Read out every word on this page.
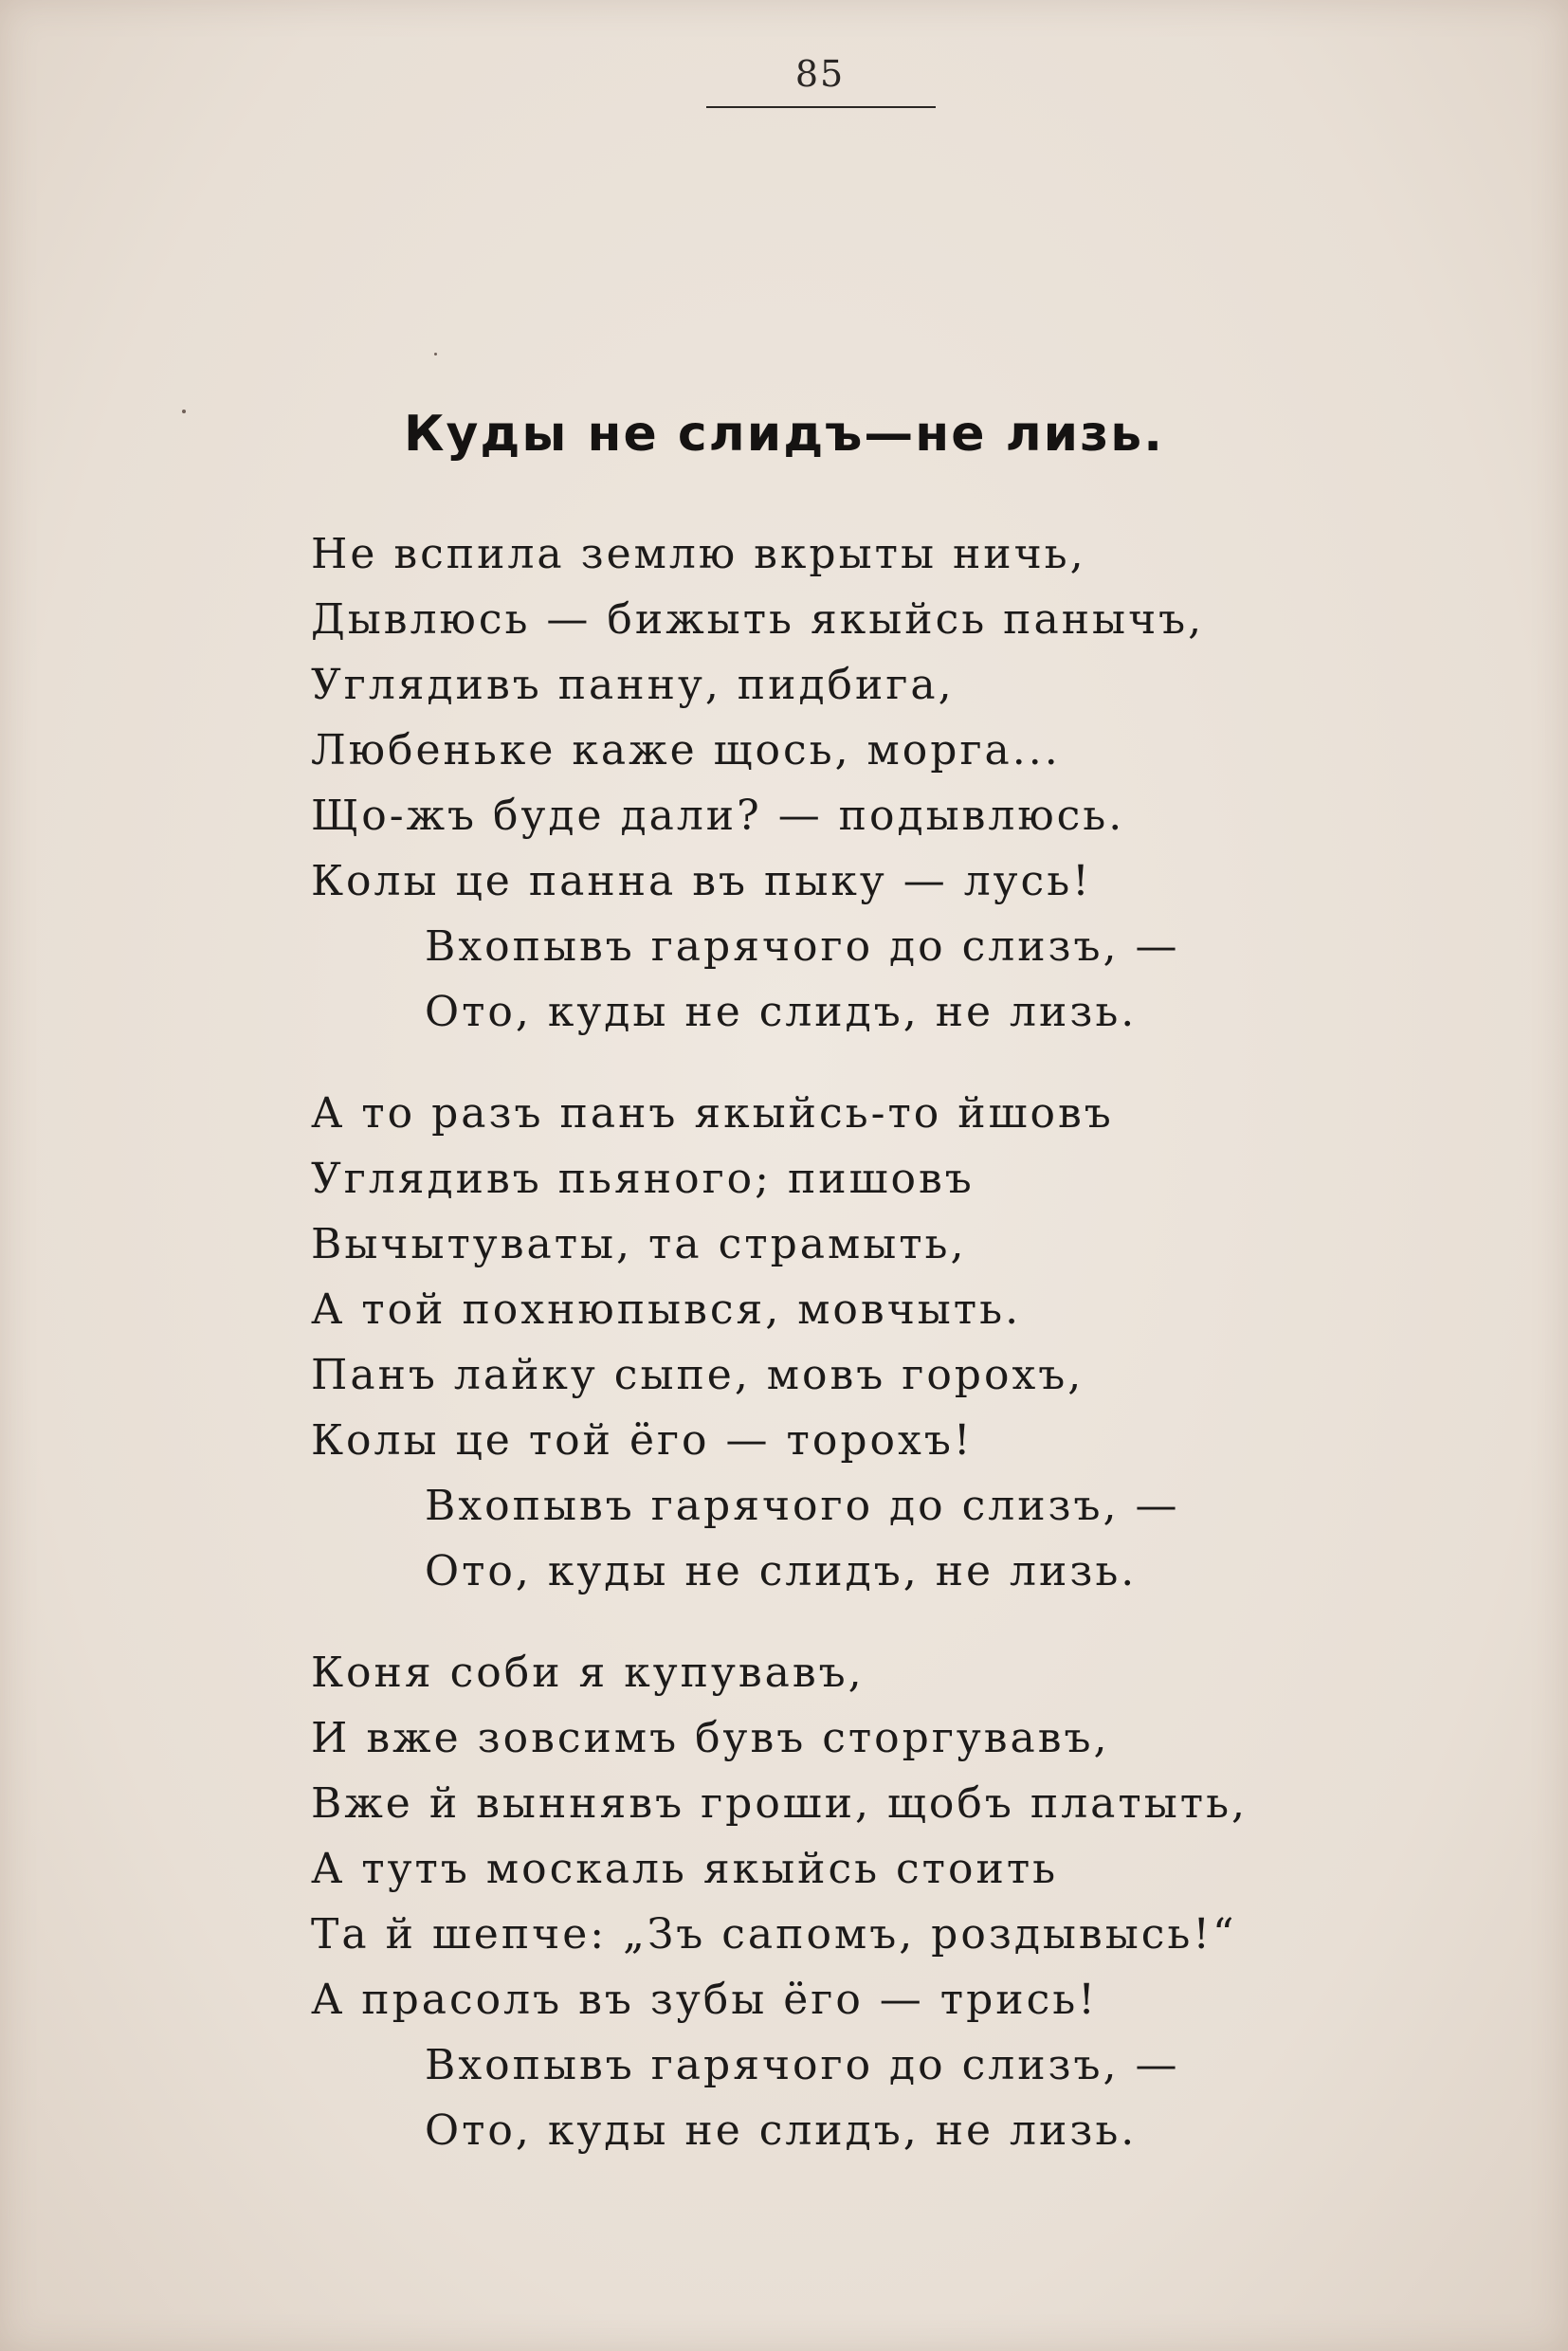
85
Куды не слидъ—не лизь.
Не вспила землю вкрыты ничь,
Дывлюсь — бижыть якыйсь панычъ,
Углядивъ панну, пидбига,
Любеньке каже щось, морга...
Що-жъ буде дали? — подывлюсь.
Колы це панна въ пыку — лусь!
Вхопывъ гарячого до слизъ, —
Ото, куды не слидъ, не лизь.
А то разъ панъ якыйсь-то йшовъ
Углядивъ пьяного; пишовъ
Вычытуваты, та страмыть,
А той похнюпывся, мовчыть.
Панъ лайку сыпе, мовъ горохъ,
Колы це той ёго — торохъ!
Вхопывъ гарячого до слизъ, —
Ото, куды не слидъ, не лизь.
Коня соби я купувавъ,
И вже зовсимъ бувъ сторгувавъ,
Вже й выннявъ гроши, щобъ платыть,
А тутъ москаль якыйсь стоить
Та й шепче: „Зъ сапомъ, роздывысь!“
А прасолъ въ зубы ёго — трись!
Вхопывъ гарячого до слизъ, —
Ото, куды не слидъ, не лизь.
